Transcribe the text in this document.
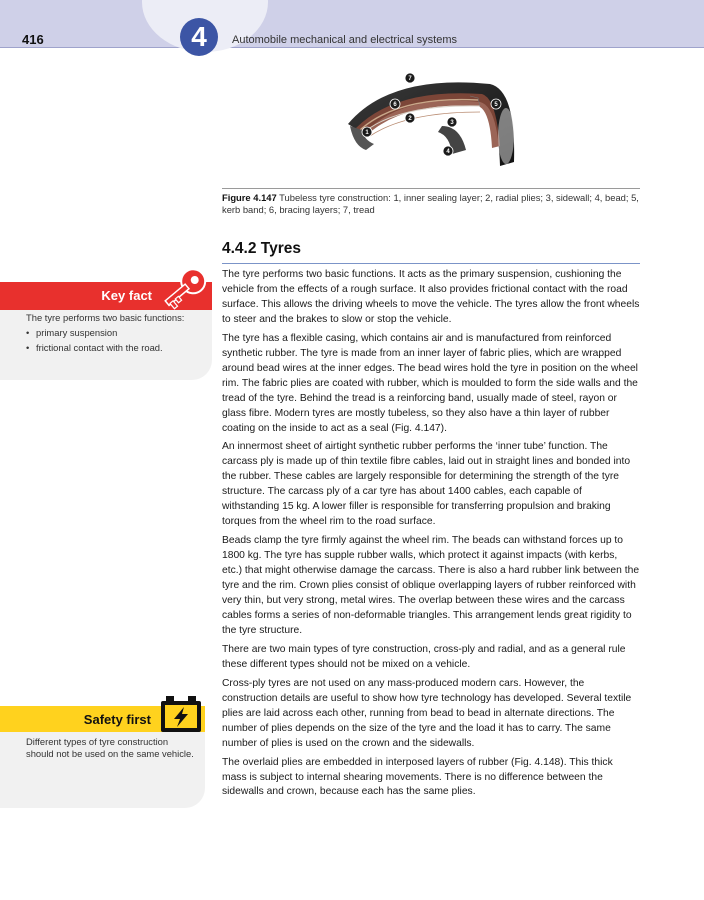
416	4	Automobile mechanical and electrical systems
1
2
3
4
5
6
7
Figure 4.147 Tubeless tyre construction: 1, inner sealing layer; 2, radial plies; 3, sidewall; 4, bead; 5, kerb band; 6, bracing layers; 7, tread
4.4.2 Tyres

The tyre performs two basic functions. It acts as the primary suspension, cushioning the vehicle from the effects of a rough surface. It also provides frictional contact with the road surface. This allows the driving wheels to move the vehicle. The tyres allow the front wheels to steer and the brakes to slow or stop the vehicle.

The tyre has a flexible casing, which contains air and is manufactured from reinforced synthetic rubber. The tyre is made from an inner layer of fabric plies, which are wrapped around bead wires at the inner edges. The bead wires hold the tyre in position on the wheel rim. The fabric plies are coated with rubber, which is moulded to form the side walls and the tread of the tyre. Behind the tread is a reinforcing band, usually made of steel, rayon or glass fibre. Modern tyres are mostly tubeless, so they also have a thin layer of rubber coating on the inside to act as a seal (Fig. 4.147).

An innermost sheet of airtight synthetic rubber performs the ‘inner tube’ function. The carcass ply is made up of thin textile fibre cables, laid out in straight lines and bonded into the rubber. These cables are largely responsible for determining the strength of the tyre structure. The carcass ply of a car tyre has about 1400 cables, each capable of withstanding 15 kg. A lower filler is responsible for transferring propulsion and braking torques from the wheel rim to the road surface.

Beads clamp the tyre firmly against the wheel rim. The beads can withstand forces up to 1800 kg. The tyre has supple rubber walls, which protect it against impacts (with kerbs, etc.) that might otherwise damage the carcass. There is also a hard rubber link between the tyre and the rim. Crown plies consist of oblique overlapping layers of rubber reinforced with very thin, but very strong, metal wires. The overlap between these wires and the carcass cables forms a series of non-deformable triangles. This arrangement lends great rigidity to the tyre structure.

There are two main types of tyre construction, cross-ply and radial, and as a general rule these different types should not be mixed on a vehicle.

Cross-ply tyres are not used on any mass-produced modern cars. However, the construction details are useful to show how tyre technology has developed. Several textile plies are laid across each other, running from bead to bead in alternate directions. The number of plies depends on the size of the tyre and the load it has to carry. The same number of plies is used on the crown and the sidewalls.

The overlaid plies are embedded in interposed layers of rubber (Fig. 4.148). This thick mass is subject to internal shearing movements. There is no difference between the sidewalls and crown, because each has the same plies.

Key fact
The tyre performs two basic functions:
• primary suspension
• frictional contact with the road.
Safety first
Different types of tyre construction should not be used on the same vehicle.
